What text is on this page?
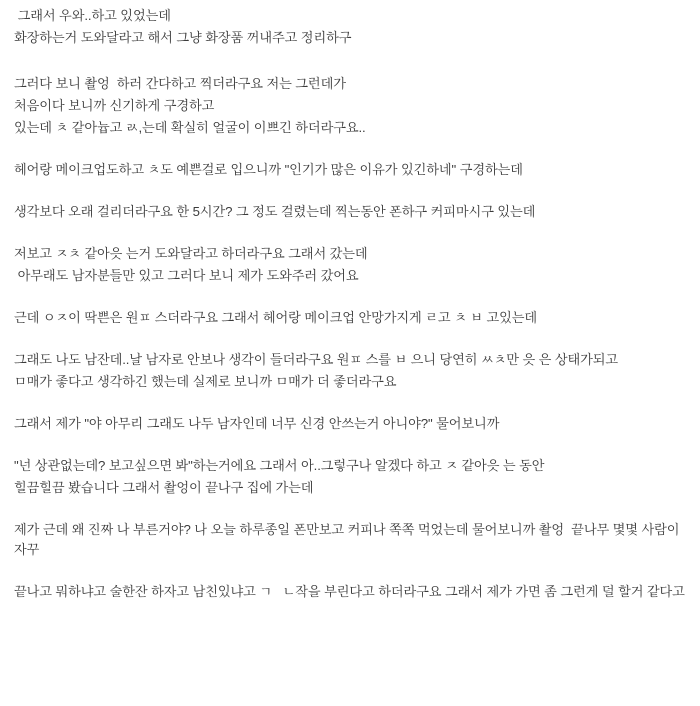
그래서 우와..하고 있었는데

화장하는거 도와달라고 해서 그냥 화장품 꺼내주고 정리하구

그러다 보니 촬엉  하러 간다하고 찍더라구요 저는 그런데가

처음이다 보니까 신기하게 구경하고

있는데 ㅊ 같아늅고 ㄽ,는데 확실히 얼굴이 이쁘긴 하더라구요..

헤어랑 메이크업도하고 ㅊ도 예쁜걸로 입으니까 "인기가 많은 이유가 있긴하네" 구경하는데

생각보다 오래 걸리더라구요 한 5시간? 그 정도 걸렸는데 찍는동안 폰하구 커피마시구 있는데

저보고 ㅈㅊ 같아읏 는거 도와달라고 하더라구요 그래서 갔는데

아무래도 남자분들만 있고 그러다 보니 제가 도와주러 갔어요

근데 ㅇㅈ이 딱쁜은 원ㅍ 스더라구요 그래서 헤어랑 메이크업 안망가지게 ㄹ고 ㅊ ㅂ 고있는데

그래도 나도 남잔데..날 남자로 안보나 생각이 들더라구요 원ㅍ 스를 ㅂ 으니 당연히 ㅆㅊ만 읏 은 상태가되고

ㅁ매가 좋다고 생각하긴 했는데 실제로 보니까 ㅁ매가 더 좋더라구요

그래서 제가 "야 아무리 그래도 나두 남자인데 너무 신경 안쓰는거 아니야?" 물어보니까

"넌 상관없는데? 보고싶으면 봐"하는거에요 그래서 아..그렇구나 알겠다 하고 ㅈ 같아읏 는 동안

힐끔힐끔 봤습니다 그래서 촬엉이 끝나구 집에 가는데

제가 근데 왜 진짜 나 부른거야? 나 오늘 하루종일 폰만보고 커피나 쪽쪽 먹었는데 물어보니까 촬엉  끝나무 몇몇 사람이 자꾸

끝나고 뭐하냐고 술한잔 하자고 남친있냐고 ㄱ   ㄴ작을 부린다고 하더라구요 그래서 제가 가면 좀 그런게 덜 할거 같다고
